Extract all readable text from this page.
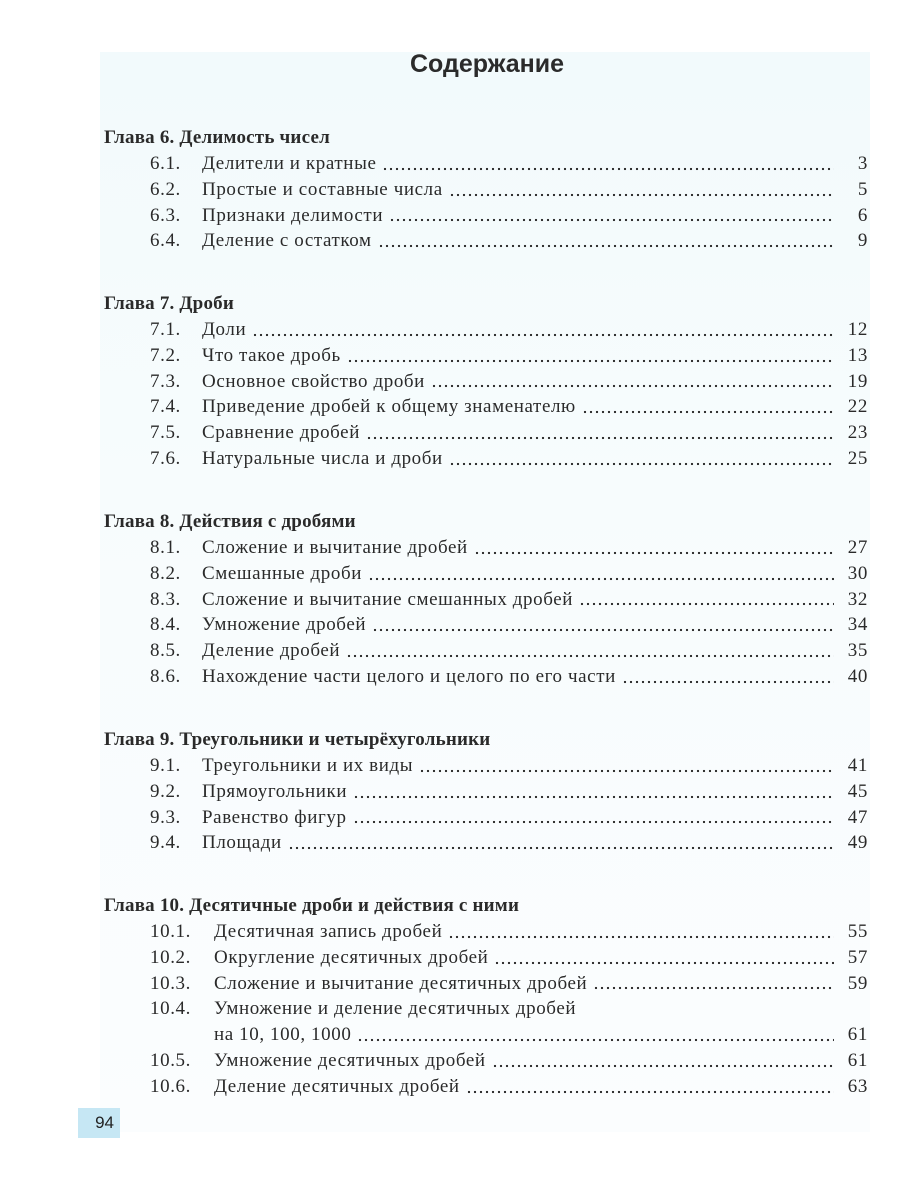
Содержание
Глава 6. Делимость чисел
6.1.	Делители и кратные	3
6.2.	Простые и составные числа	5
6.3.	Признаки делимости	6
6.4.	Деление с остатком	9
Глава 7. Дроби
7.1.	Доли	12
7.2.	Что такое дробь	13
7.3.	Основное свойство дроби	19
7.4.	Приведение дробей к общему знаменателю	22
7.5.	Сравнение дробей	23
7.6.	Натуральные числа и дроби	25
Глава 8. Действия с дробями
8.1.	Сложение и вычитание дробей	27
8.2.	Смешанные дроби	30
8.3.	Сложение и вычитание смешанных дробей	32
8.4.	Умножение дробей	34
8.5.	Деление дробей	35
8.6.	Нахождение части целого и целого по его части	40
Глава 9. Треугольники и четырёхугольники
9.1.	Треугольники и их виды	41
9.2.	Прямоугольники	45
9.3.	Равенство фигур	47
9.4.	Площади	49
Глава 10. Десятичные дроби и действия с ними
10.1.	Десятичная запись дробей	55
10.2.	Округление десятичных дробей	57
10.3.	Сложение и вычитание десятичных дробей	59
10.4.	Умножение и деление десятичных дробей
на 10, 100, 1000	61
10.5.	Умножение десятичных дробей	61
10.6.	Деление десятичных дробей	63
94
